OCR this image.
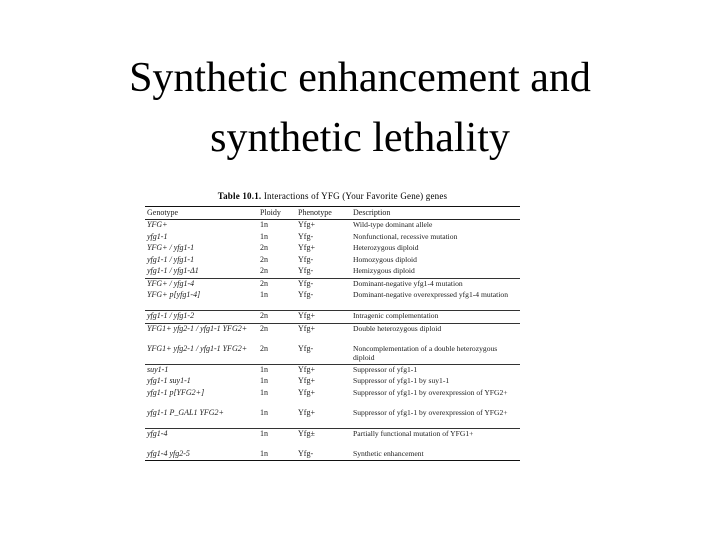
Synthetic enhancement and
synthetic lethality
Table 10.1. Interactions of YFG (Your Favorite Gene) genes
Genotype	Ploidy	Phenotype	Description
YFG+	1n	Yfg+	Wild-type dominant allele
yfg1-1	1n	Yfg-	Nonfunctional, recessive mutation
YFG+ / yfg1-1	2n	Yfg+	Heterozygous diploid
yfg1-1 / yfg1-1	2n	Yfg-	Homozygous diploid
yfg1-1 / yfg1-Δ1	2n	Yfg-	Hemizygous diploid
YFG+ / yfg1-4	2n	Yfg-	Dominant-negative yfg1-4 mutation
YFG+ p[yfg1-4]	1n	Yfg-	Dominant-negative overexpressed yfg1-4 mutation
yfg1-1 / yfg1-2	2n	Yfg+	Intragenic complementation
YFG1+ yfg2-1 / yfg1-1 YFG2+	2n	Yfg+	Double heterozygous diploid
YFG1+ yfg2-1 / yfg1-1 YFG2+	2n	Yfg-	Noncomplementation of a double heterozygous diploid
suy1-1	1n	Yfg+	Suppressor of yfg1-1
yfg1-1 suy1-1	1n	Yfg+	Suppressor of yfg1-1 by suy1-1
yfg1-1 p[YFG2+]	1n	Yfg+	Suppressor of yfg1-1 by overexpression of YFG2+
yfg1-1 P_GAL1 YFG2+	1n	Yfg+	Suppressor of yfg1-1 by overexpression of YFG2+
yfg1-4	1n	Yfg±	Partially functional mutation of YFG1+
yfg1-4 yfg2-5	1n	Yfg-	Synthetic enhancement
